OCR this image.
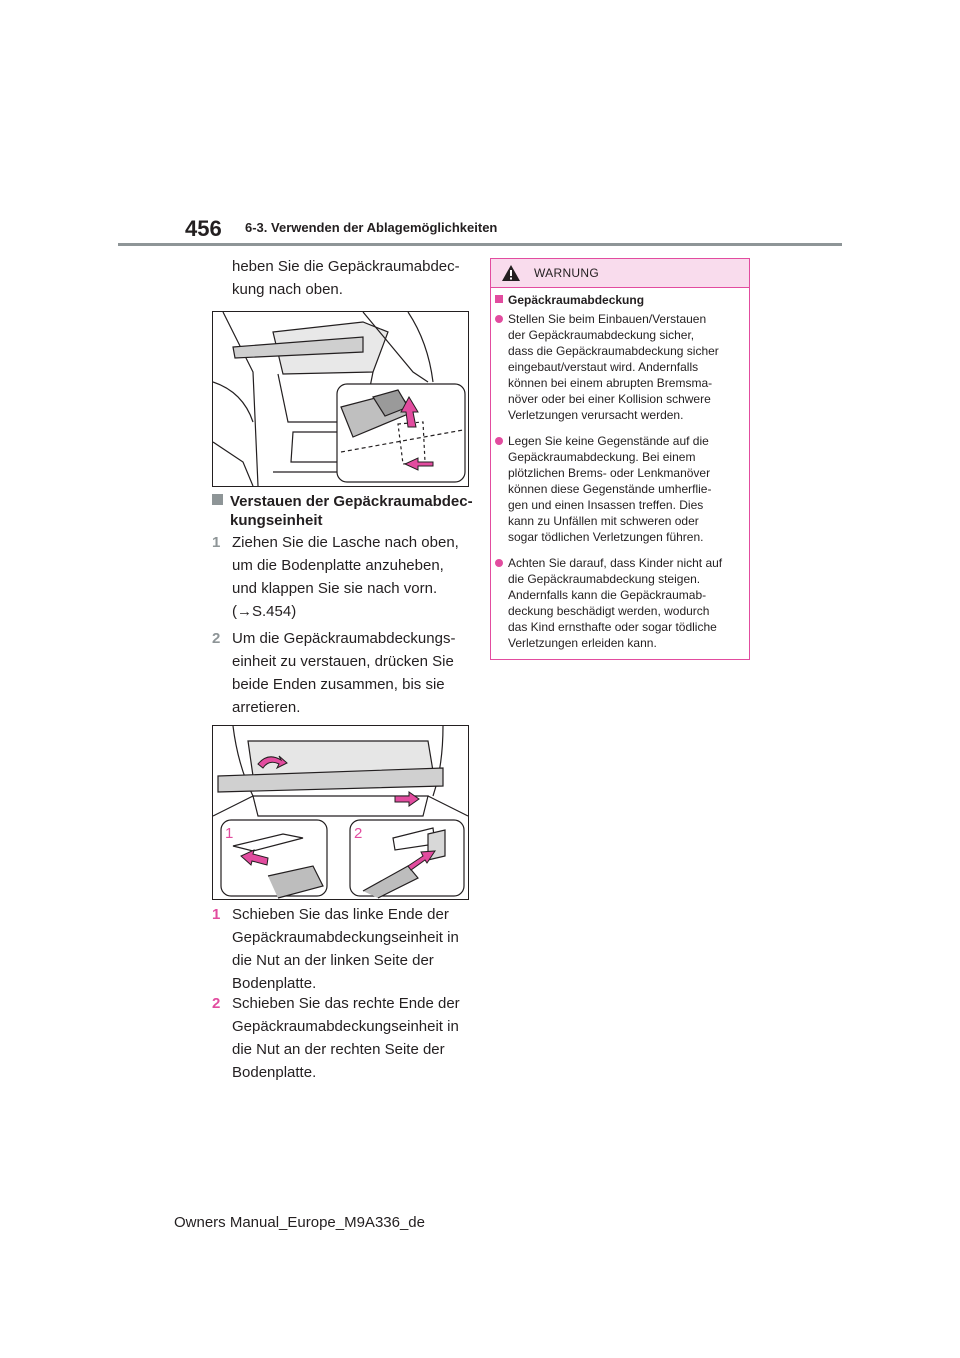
456 6-3. Verwenden der Ablagemöglichkeiten
heben Sie die Gepäckraumabdec-
kung nach oben.
Verstauen der Gepäckraumabdec-
kungseinheit
1 Ziehen Sie die Lasche nach oben,
um die Bodenplatte anzuheben,
und klappen Sie sie nach vorn.
(→S.454)
2 Um die Gepäckraumabdeckungs-
einheit zu verstauen, drücken Sie
beide Enden zusammen, bis sie
arretieren.
1	2
1 Schieben Sie das linke Ende der
Gepäckraumabdeckungseinheit in
die Nut an der linken Seite der
Bodenplatte.
2 Schieben Sie das rechte Ende der
Gepäckraumabdeckungseinheit in
die Nut an der rechten Seite der
Bodenplatte.
WARNUNG
Gepäckraumabdeckung
Stellen Sie beim Einbauen/Verstauen
der Gepäckraumabdeckung sicher,
dass die Gepäckraumabdeckung sicher
eingebaut/verstaut wird. Andernfalls
können bei einem abrupten Bremsma-
növer oder bei einer Kollision schwere
Verletzungen verursacht werden.
Legen Sie keine Gegenstände auf die
Gepäckraumabdeckung. Bei einem
plötzlichen Brems- oder Lenkmanöver
können diese Gegenstände umherflie-
gen und einen Insassen treffen. Dies
kann zu Unfällen mit schweren oder
sogar tödlichen Verletzungen führen.
Achten Sie darauf, dass Kinder nicht auf
die Gepäckraumabdeckung steigen.
Andernfalls kann die Gepäckraumab-
deckung beschädigt werden, wodurch
das Kind ernsthafte oder sogar tödliche
Verletzungen erleiden kann.
Owners Manual_Europe_M9A336_de
